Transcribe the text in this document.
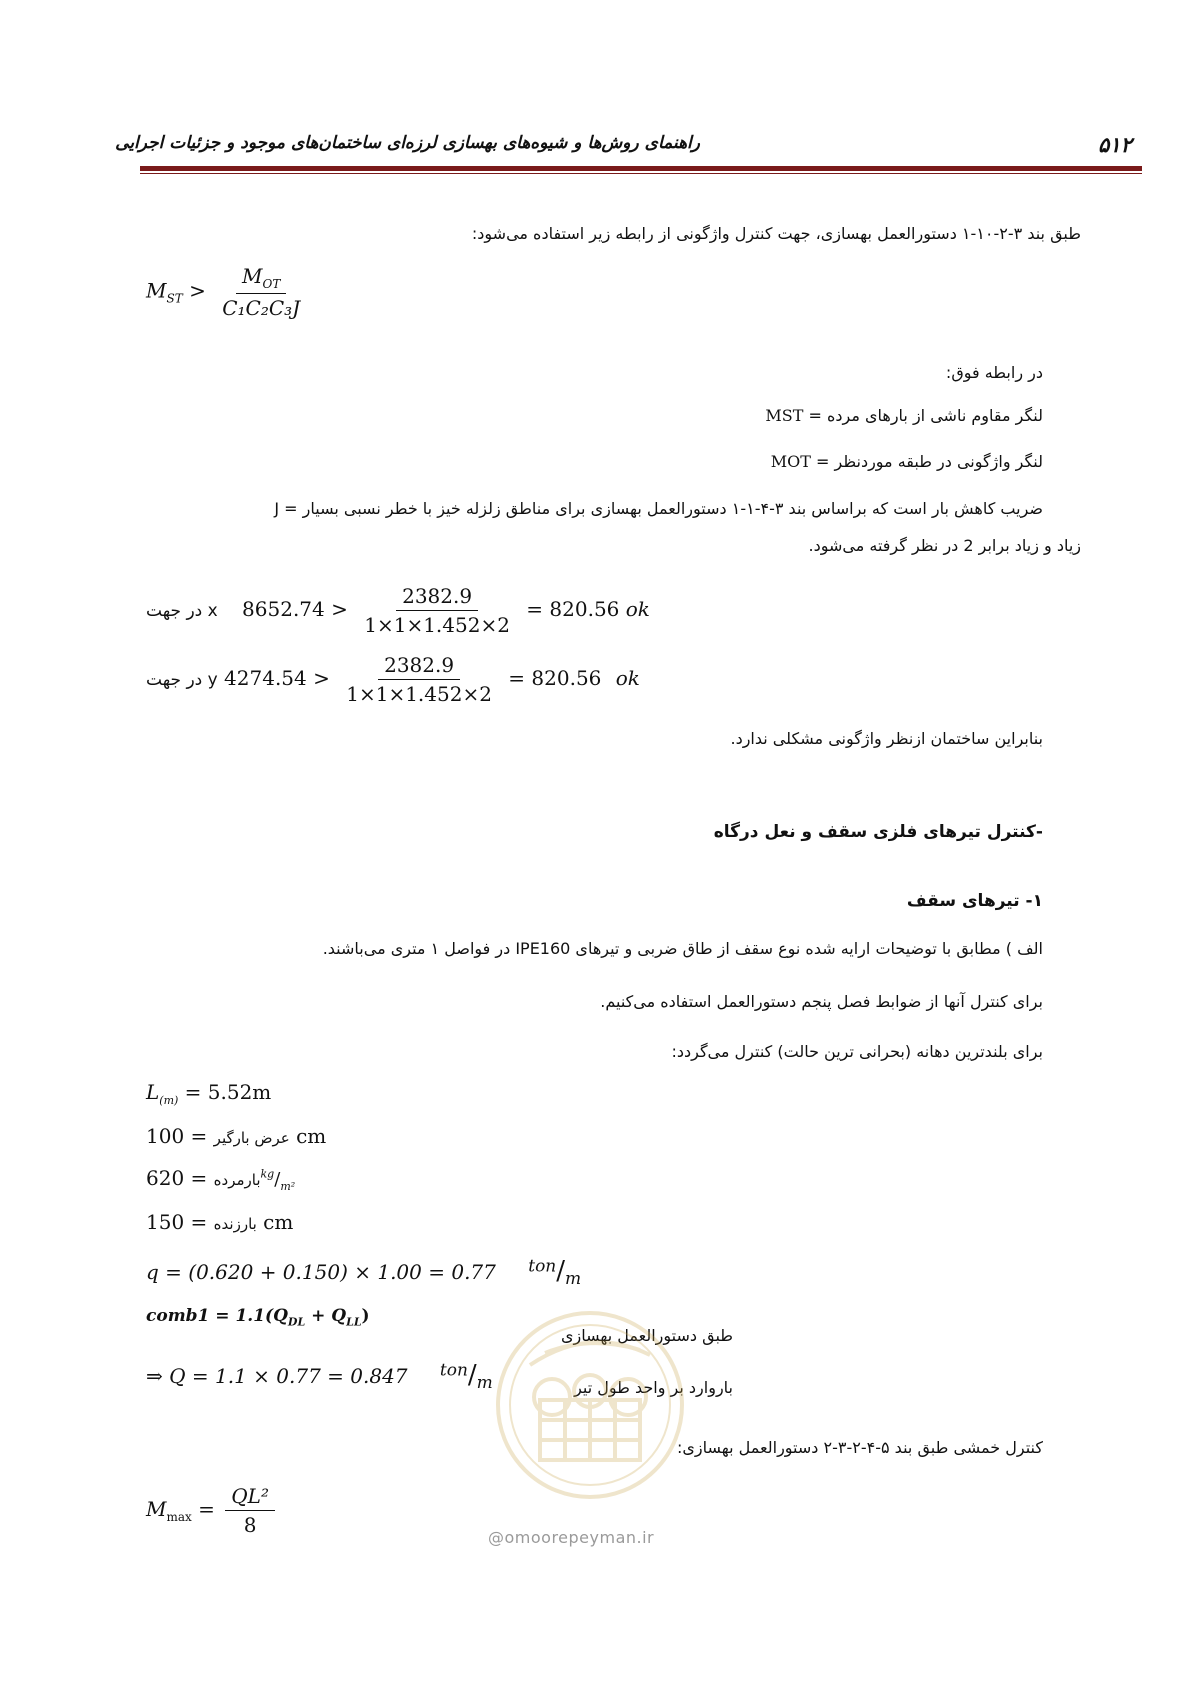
۵۱۲
راهنمای روش‌ها و شیوه‌های بهسازی لرزه‌ای ساختمان‌های موجود و جزئیات اجرایی
طبق بند ۳-۲-۱۰-۱ دستورالعمل بهسازی، جهت کنترل واژگونی از رابطه زیر استفاده می‌شود:
$M_{ST} > \frac{M_{OT}}{\text{C₁C₂C₃J}}$
در رابطه فوق:
MST = لنگر مقاوم ناشی از بارهای مرده
MOT = لنگر واژگونی در طبقه موردنظر
J = ضریب کاهش بار است که براساس بند ۳-۴-۱-۱ دستورالعمل بهسازی برای مناطق زلزله خیز با خطر نسبی بسیار
زیاد و زیاد برابر 2 در نظر گرفته می‌شود.
x در جهت $8652.74 > \frac{2382.9}{1\times 1\times 1.452\times 2} = 820.56$ ok
y در جهت $4274.54 > \frac{2382.9}{1\times 1\times 1.452\times 2} = 820.56$ ok
بنابراین ساختمان ازنظر واژگونی مشکلی ندارد.
-کنترل تیرهای فلزی سقف و نعل درگاه
۱- تیرهای سقف
الف ) مطابق با توضیحات ارایه شده نوع سقف از طاق ضربی و تیرهای IPE160 در فواصل ۱ متری می‌باشند.
برای کنترل آنها از ضوابط فصل پنجم دستورالعمل استفاده می‌کنیم.
برای بلندترین دهانه (بحرانی ترین حالت) کنترل می‌گردد:
$L_{(m)} = 5.52m$
عرض بارگیر = 100 cm
بارمرده = 620	$^{kg}/_{m^2}$
بارزنده = 150 cm
q = (0.620 + 0.150) × 1.00 = 0.77 $^{ton}/_m$
comb1 = $1.1(Q_{DL} + Q_{LL})$
طبق دستورالعمل بهسازی
⇒ Q = 1.1 × 0.77 = 0.847 $^{ton}/_m$	باروارد بر واحد طول تیر
کنترل خمشی طبق بند ۵-۴-۲-۳-۲ دستورالعمل بهسازی:
$M_{max} = \frac{\text{QL²}}{8}$
@omoorepeyman.ir
